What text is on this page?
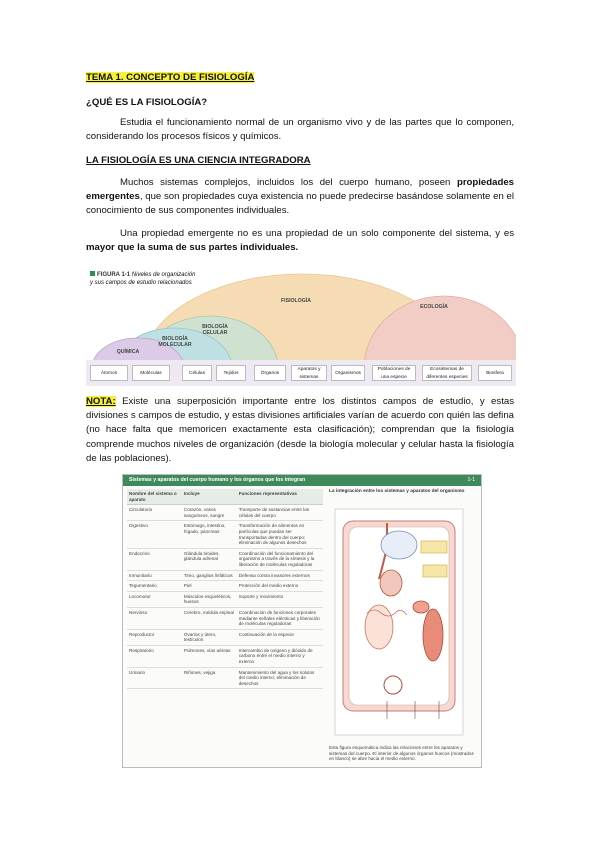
TEMA 1. CONCEPTO DE FISIOLOGÍA
¿QUÉ ES LA FISIOLOGÍA?
Estudia el funcionamiento normal de un organismo vivo y de las partes que lo componen, considerando los procesos físicos y químicos.
LA FISIOLOGÍA ES UNA CIENCIA INTEGRADORA
Muchos sistemas complejos, incluidos los del cuerpo humano, poseen propiedades emergentes, que son propiedades cuya existencia no puede predecirse basándose solamente en el conocimiento de sus componentes individuales.
Una propiedad emergente no es una propiedad de un solo componente del sistema, y es mayor que la suma de sus partes individuales.
FIGURA 1-1 Niveles de organización
y sus campos de estudio relacionados
FISIOLOGÍA
ECOLOGÍA
BIOLOGÍA
CELULAR
BIOLOGÍA
MOLECULAR
QUÍMICA
Átomos	Moléculas	Células	Tejidos	Órganos
Aparatos y sistemas
Organismos
Poblaciones de una especie
Ecosistemas de diferentes especies
Biosfera
NOTA: Existe una superposición importante entre los distintos campos de estudio, y estas divisiones s campos de estudio, y estas divisiones artificiales varían de acuerdo con quién las defina (no hace falta que memoricen exactamente esta clasificación); comprendan que la fisiología comprende muchos niveles de organización (desde la biología molecular y celular hasta la fisiología de las poblaciones).
Sistemas y aparatos del cuerpo humano y los órganos que los integran	1-1
Nombre del sistema o aparato	Incluye	Funciones representativas
Circulatorio	Corazón, vasos sanguíneos, sangre	Transporte de sustancias entre las células del cuerpo
Digestivo	Estómago, intestino, hígado, páncreas	Transformación de alimentos en partículas que puedan ser transportadas dentro del cuerpo; eliminación de algunos desechos
Endocrino	Glándula tiroides, glándula adrenal	Coordinación del funcionamiento del organismo a través de la síntesis y la liberación de moléculas reguladoras
Inmunitario	Timo, ganglios linfáticos	Defensa contra invasores externos
Tegumentario	Piel	Protección del medio externo
Locomotor	Músculos esqueléticos, huesos	Soporte y movimiento
Nervioso	Cerebro, médula espinal	Coordinación de funciones corporales mediante señales eléctricas y liberación de moléculas reguladoras
Reproductor	Ovarios y útero, testículos	Continuación de la especie
Respiratorio	Pulmones, vías aéreas	Intercambio de oxígeno y dióxido de carbono entre el medio interno y externo
Urinario	Riñones, vejiga	Mantenimiento del agua y los solutos del medio interno; eliminación de desechos
La integración entre los sistemas y aparatos del organismo
Esta figura esquemática indica las relaciones entre los aparatos y sistemas del cuerpo. El interior de algunos órganos huecos (mostrados en blanco) se abre hacia el medio externo.
